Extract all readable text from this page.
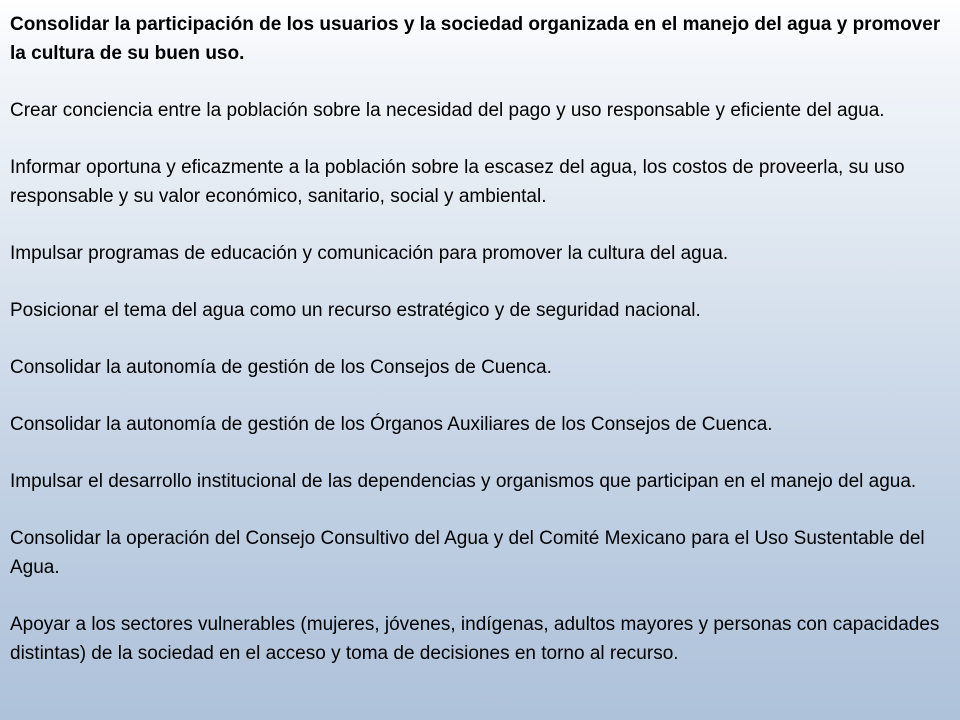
Consolidar la participación de los usuarios y la sociedad organizada en el manejo del agua y promover la cultura de su buen uso.

Crear conciencia entre la población sobre la necesidad del pago y uso responsable y eficiente del agua.

Informar oportuna y eficazmente a la población sobre la escasez del agua, los costos de proveerla, su uso responsable y su valor económico, sanitario, social y ambiental.

Impulsar programas de educación y comunicación para promover la cultura del agua.

Posicionar el tema del agua como un recurso estratégico y de seguridad nacional.

Consolidar la autonomía de gestión de los Consejos de Cuenca.

Consolidar la autonomía de gestión de los Órganos Auxiliares de los Consejos de Cuenca.

Impulsar el desarrollo institucional de las dependencias y organismos que participan en el manejo del agua.

Consolidar la operación del Consejo Consultivo del Agua y del Comité Mexicano para el Uso Sustentable del Agua.

Apoyar a los sectores vulnerables (mujeres, jóvenes, indígenas, adultos mayores y personas con capacidades distintas) de la sociedad en el acceso y toma de decisiones en torno al recurso.
